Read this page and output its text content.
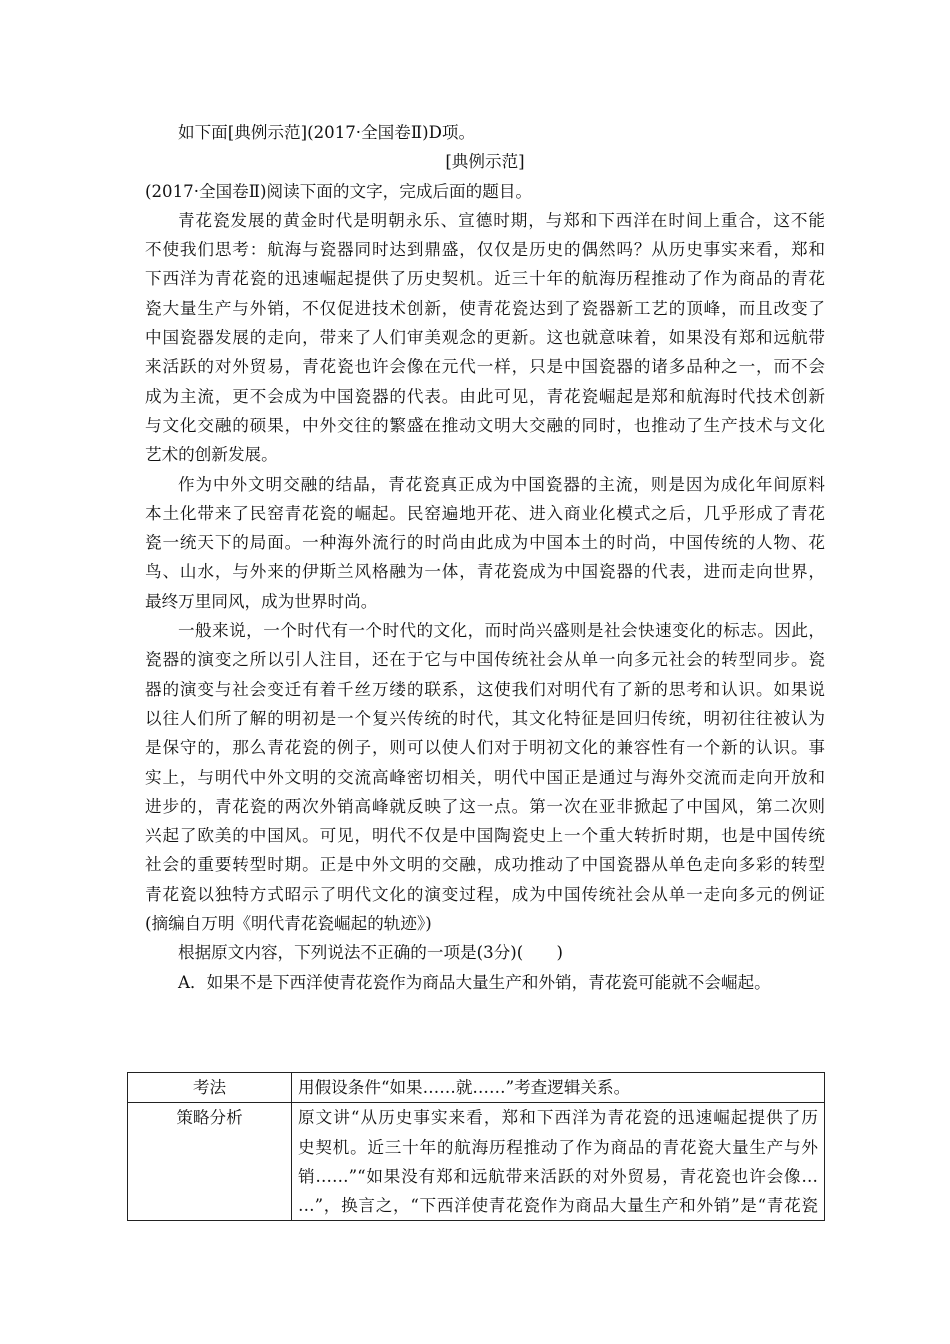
如下面[典例示范](2017·全国卷Ⅱ)D项。
[典例示范]
(2017·全国卷Ⅱ)阅读下面的文字，完成后面的题目。
青花瓷发展的黄金时代是明朝永乐、宣德时期，与郑和下西洋在时间上重合，这不能
不使我们思考：航海与瓷器同时达到鼎盛，仅仅是历史的偶然吗？从历史事实来看，郑和
下西洋为青花瓷的迅速崛起提供了历史契机。近三十年的航海历程推动了作为商品的青花
瓷大量生产与外销，不仅促进技术创新，使青花瓷达到了瓷器新工艺的顶峰，而且改变了
中国瓷器发展的走向，带来了人们审美观念的更新。这也就意味着，如果没有郑和远航带
来活跃的对外贸易，青花瓷也许会像在元代一样，只是中国瓷器的诸多品种之一，而不会
成为主流，更不会成为中国瓷器的代表。由此可见，青花瓷崛起是郑和航海时代技术创新
与文化交融的硕果，中外交往的繁盛在推动文明大交融的同时，也推动了生产技术与文化
艺术的创新发展。
作为中外文明交融的结晶，青花瓷真正成为中国瓷器的主流，则是因为成化年间原料
本土化带来了民窑青花瓷的崛起。民窑遍地开花、进入商业化模式之后，几乎形成了青花
瓷一统天下的局面。一种海外流行的时尚由此成为中国本土的时尚，中国传统的人物、花
鸟、山水，与外来的伊斯兰风格融为一体，青花瓷成为中国瓷器的代表，进而走向世界，
最终万里同风，成为世界时尚。
一般来说，一个时代有一个时代的文化，而时尚兴盛则是社会快速变化的标志。因此，
瓷器的演变之所以引人注目，还在于它与中国传统社会从单一向多元社会的转型同步。瓷
器的演变与社会变迁有着千丝万缕的联系，这使我们对明代有了新的思考和认识。如果说
以往人们所了解的明初是一个复兴传统的时代，其文化特征是回归传统，明初往往被认为
是保守的，那么青花瓷的例子，则可以使人们对于明初文化的兼容性有一个新的认识。事
实上，与明代中外文明的交流高峰密切相关，明代中国正是通过与海外交流而走向开放和
进步的，青花瓷的两次外销高峰就反映了这一点。第一次在亚非掀起了中国风，第二次则
兴起了欧美的中国风。可见，明代不仅是中国陶瓷史上一个重大转折时期，也是中国传统
社会的重要转型时期。正是中外文明的交融，成功推动了中国瓷器从单色走向多彩的转型
青花瓷以独特方式昭示了明代文化的演变过程，成为中国传统社会从单一走向多元的例证
(摘编自万明《明代青花瓷崛起的轨迹》)
根据原文内容，下列说法不正确的一项是(3分)(　　)
A．如果不是下西洋使青花瓷作为商品大量生产和外销，青花瓷可能就不会崛起。
考法	用假设条件“如果……就……”考查逻辑关系。

策略分析	原文讲“从历史事实来看，郑和下西洋为青花瓷的迅速崛起提供了历
史契机。近三十年的航海历程推动了作为商品的青花瓷大量生产与外
销……”“如果没有郑和远航带来活跃的对外贸易，青花瓷也许会像…
…”，换言之，“下西洋使青花瓷作为商品大量生产和外销”是“青花瓷
